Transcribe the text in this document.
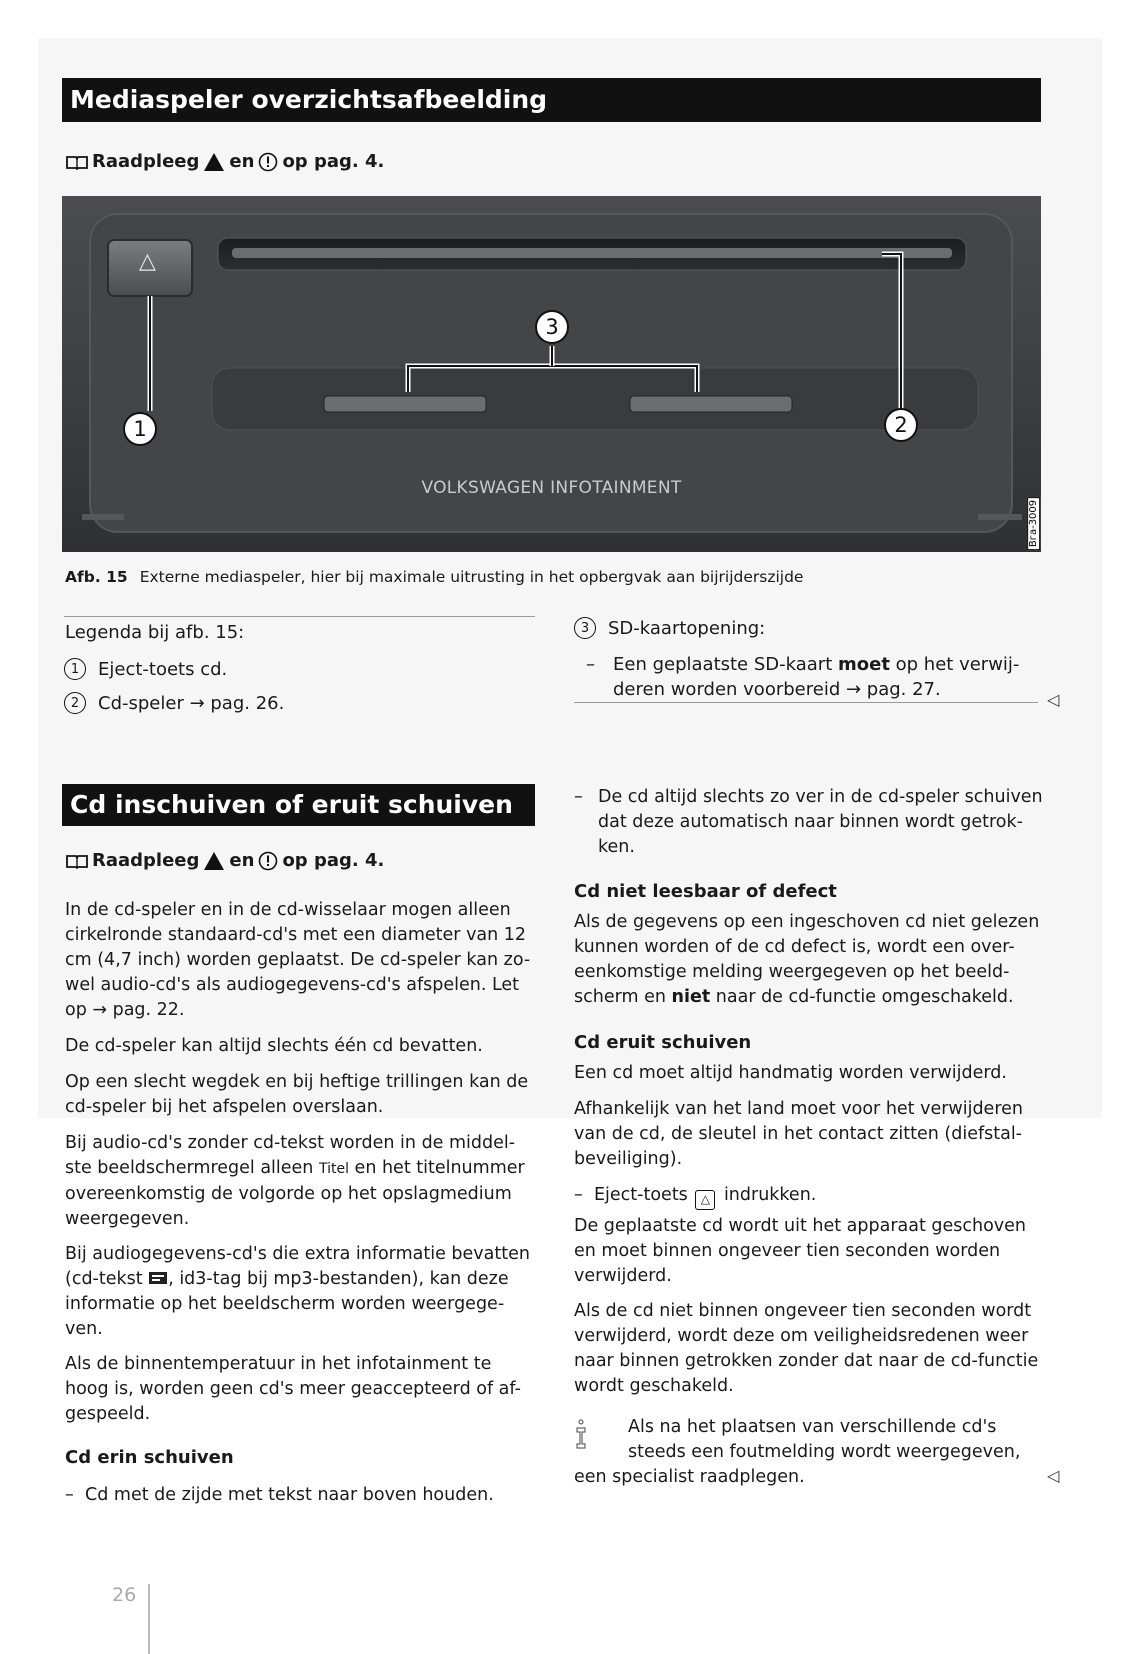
Mediaspeler overzichtsafbeelding
Raadpleeg en op pag. 4.
△
1	2
3
VOLKSWAGEN INFOTAINMENT
Bгa-3009
Afb. 15 Externe mediaspeler, hier bij maximale uitrusting in het opbergvak aan bijrijderszijde
Legenda bij afb. 15:
1	Eject-toets cd.
2	Cd-speler → pag. 26.
3	SD-kaartopening:

– Een geplaatste SD-kaart moet op het verwij-

deren worden voorbereid → pag. 27.

◁
Cd inschuiven of eruit schuiven
Raadpleeg en op pag. 4.

In de cd-speler en in de cd-wisselaar mogen alleen

cirkelronde standaard-cd's met een diameter van 12

cm (4,7 inch) worden geplaatst. De cd-speler kan zo-

wel audio-cd's als audiogegevens-cd's afspelen. Let

op → pag. 22.

De cd-speler kan altijd slechts één cd bevatten.

Op een slecht wegdek en bij heftige trillingen kan de

cd-speler bij het afspelen overslaan.

Bij audio-cd's zonder cd-tekst worden in de middel-

ste beeldschermregel alleen Titel en het titelnummer

overeenkomstig de volgorde op het opslagmedium

weergegeven.

Bij audiogegevens-cd's die extra informatie bevatten

(cd-tekst , id3-tag bij mp3-bestanden), kan deze

informatie op het beeldscherm worden weergege-

ven.

Als de binnentemperatuur in het infotainment te

hoog is, worden geen cd's meer geaccepteerd of af-

gespeeld.

Cd erin schuiven

– Cd met de zijde met tekst naar boven houden.

– De cd altijd slechts zo ver in de cd-speler schuiven

dat deze automatisch naar binnen wordt getrok-

ken.

Cd niet leesbaar of defect

Als de gegevens op een ingeschoven cd niet gelezen

kunnen worden of de cd defect is, wordt een over-

eenkomstige melding weergegeven op het beeld-

scherm en niet naar de cd-functie omgeschakeld.

Cd eruit schuiven

Een cd moet altijd handmatig worden verwijderd.

Afhankelijk van het land moet voor het verwijderen

van de cd, de sleutel in het contact zitten (diefstal-

beveiliging).

– Eject-toets △ indrukken.

De geplaatste cd wordt uit het apparaat geschoven

en moet binnen ongeveer tien seconden worden

verwijderd.

Als de cd niet binnen ongeveer tien seconden wordt

verwijderd, wordt deze om veiligheidsredenen weer

naar binnen getrokken zonder dat naar de cd-functie

wordt geschakeld.

Als na het plaatsen van verschillende cd's

steeds een foutmelding wordt weergegeven,

een specialist raadplegen.	◁
26
